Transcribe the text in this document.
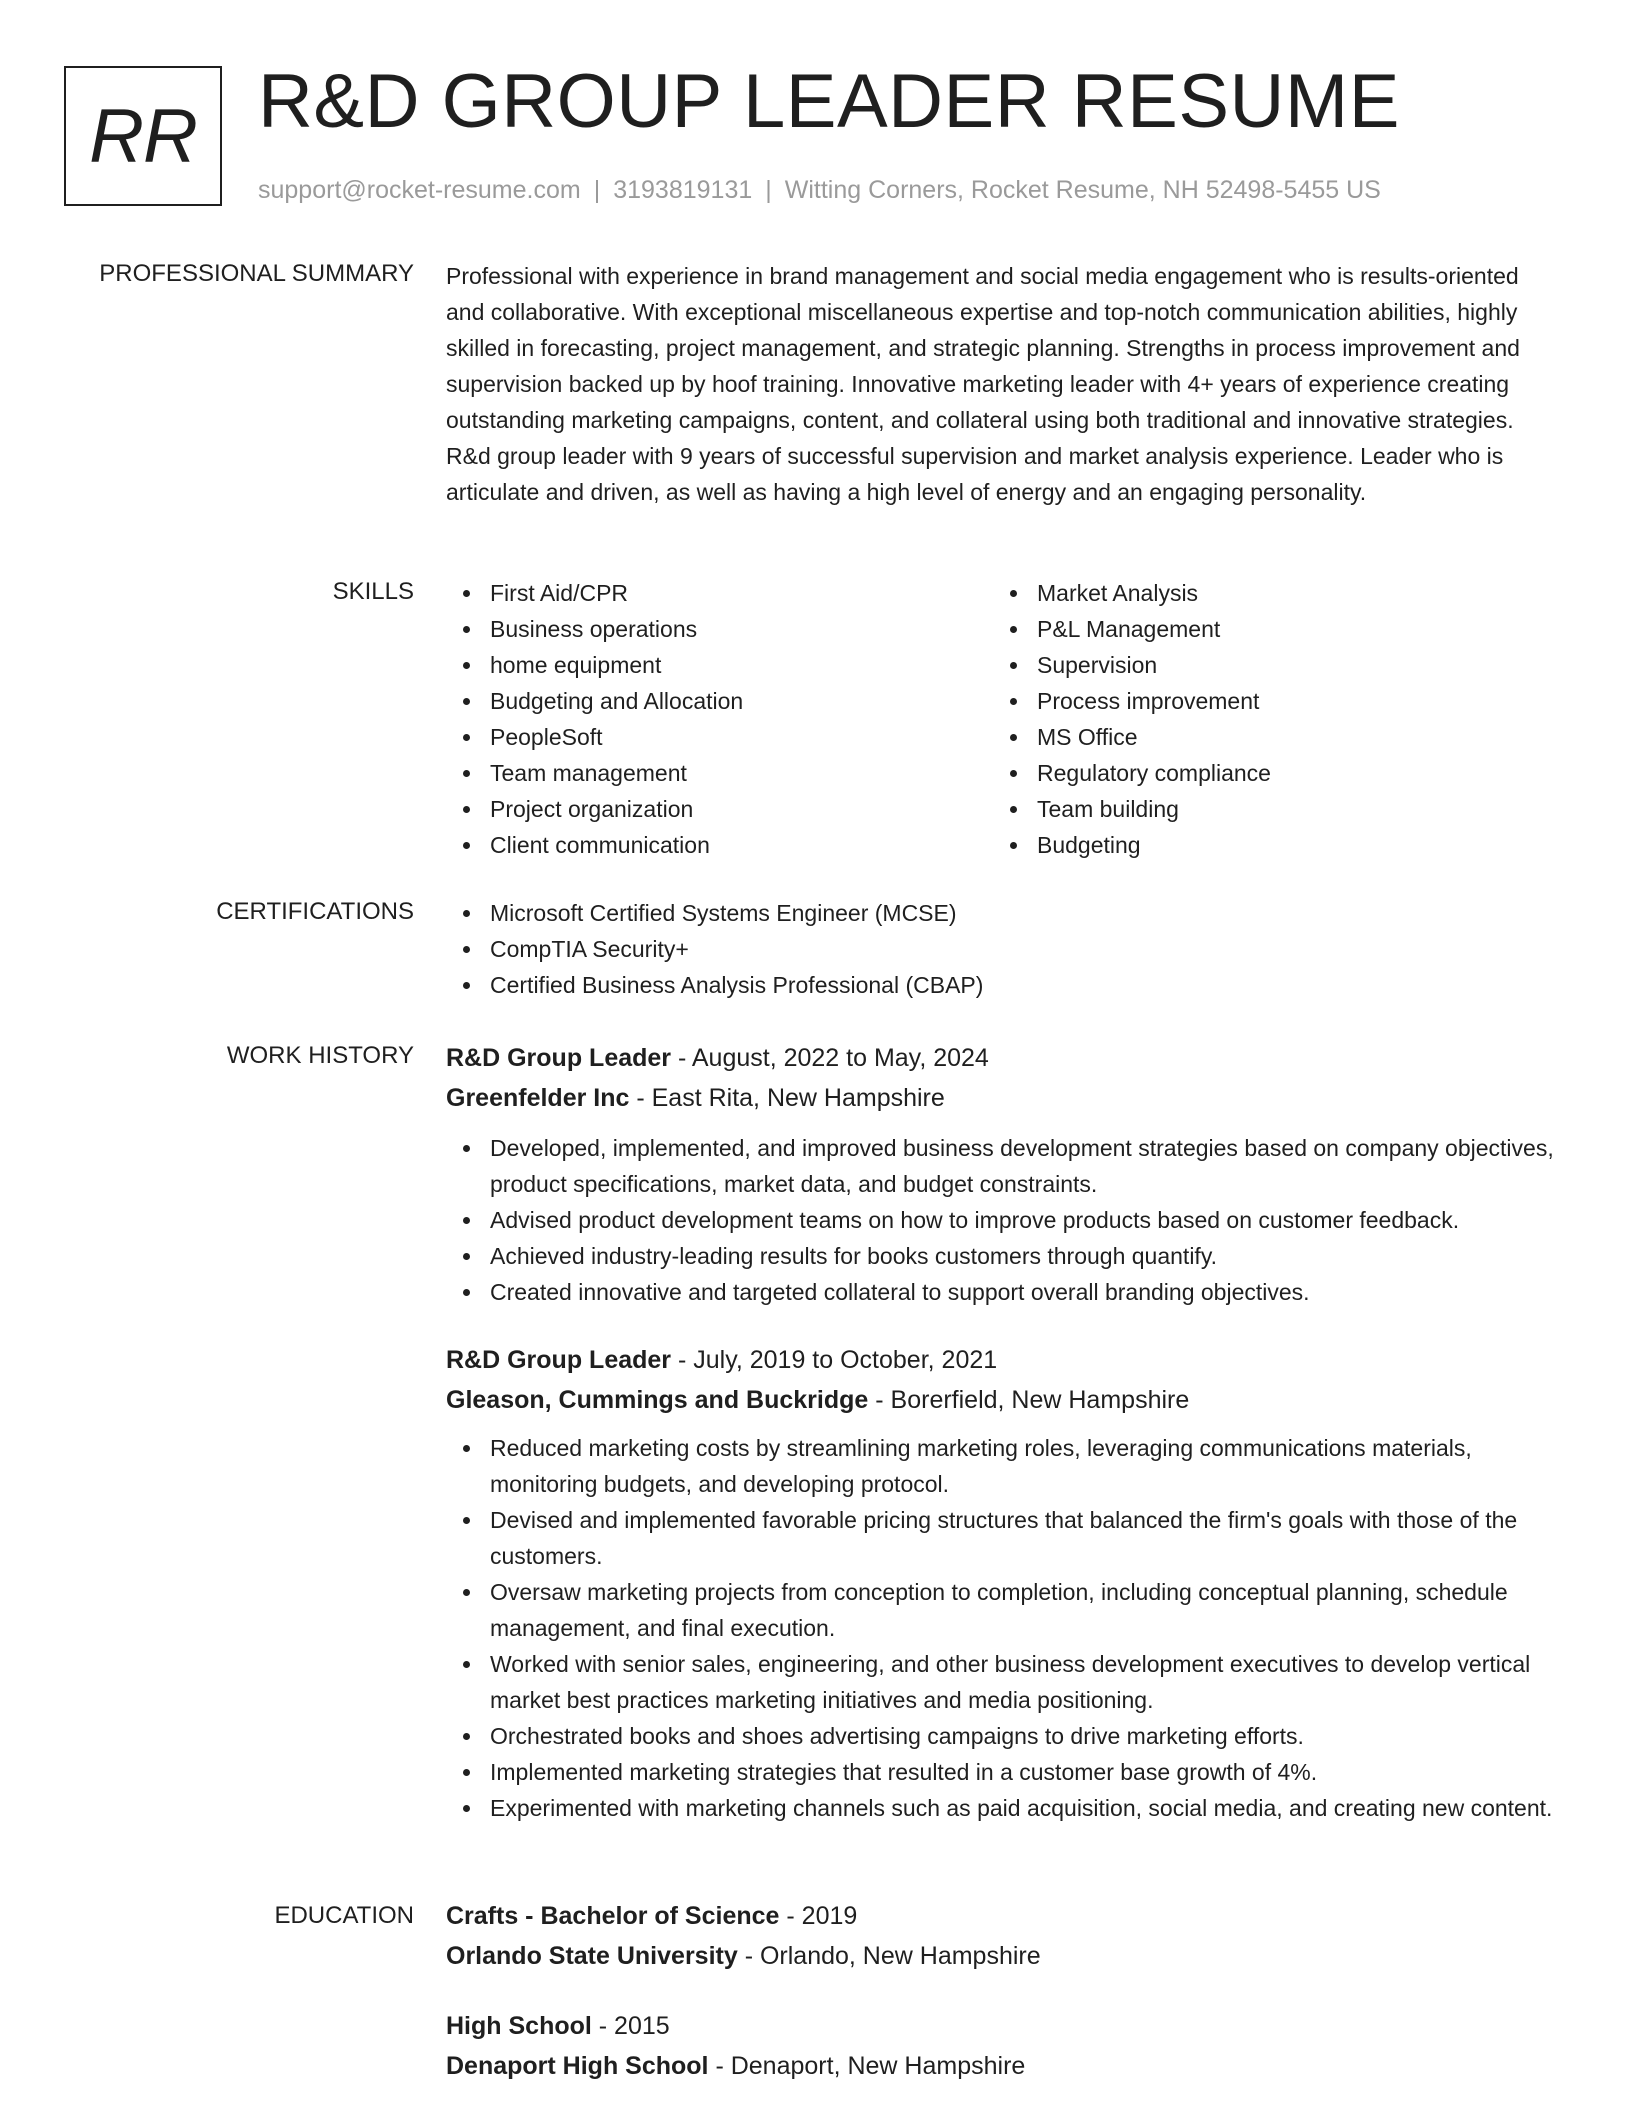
RR R&D GROUP LEADER RESUME
support@rocket-resume.com | 3193819131 | Witting Corners, Rocket Resume, NH 52498-5455 US
PROFESSIONAL SUMMARY Professional with experience in brand management and social media engagement who is results-oriented and collaborative. With exceptional miscellaneous expertise and top-notch communication abilities, highly skilled in forecasting, project management, and strategic planning. Strengths in process improvement and supervision backed up by hoof training. Innovative marketing leader with 4+ years of experience creating outstanding marketing campaigns, content, and collateral using both traditional and innovative strategies. R&d group leader with 9 years of successful supervision and market analysis experience. Leader who is articulate and driven, as well as having a high level of energy and an engaging personality.

SKILLS	First Aid/CPR
Business operations
home equipment
Budgeting and Allocation
PeopleSoft
Team management
Project organization
Client communication
Market Analysis
P&L Management
Supervision
Process improvement
MS Office
Regulatory compliance
Team building
Budgeting
CERTIFICATIONS	Microsoft Certified Systems Engineer (MCSE)
CompTIA Security+
Certified Business Analysis Professional (CBAP)
WORK HISTORY R&D Group Leader - August, 2022 to May, 2024
Greenfelder Inc - East Rita, New Hampshire
Developed, implemented, and improved business development strategies based on company objectives, product specifications, market data, and budget constraints.
Advised product development teams on how to improve products based on customer feedback.
Achieved industry-leading results for books customers through quantify.
Created innovative and targeted collateral to support overall branding objectives.
R&D Group Leader - July, 2019 to October, 2021
Gleason, Cummings and Buckridge - Borerfield, New Hampshire
Reduced marketing costs by streamlining marketing roles, leveraging communications materials, monitoring budgets, and developing protocol.
Devised and implemented favorable pricing structures that balanced the firm's goals with those of the customers.
Oversaw marketing projects from conception to completion, including conceptual planning, schedule management, and final execution.
Worked with senior sales, engineering, and other business development executives to develop vertical market best practices marketing initiatives and media positioning.
Orchestrated books and shoes advertising campaigns to drive marketing efforts.
Implemented marketing strategies that resulted in a customer base growth of 4%.
Experimented with marketing channels such as paid acquisition, social media, and creating new content.
EDUCATION Crafts - Bachelor of Science - 2019
Orlando State University - Orlando, New Hampshire
High School - 2015
Denaport High School - Denaport, New Hampshire
